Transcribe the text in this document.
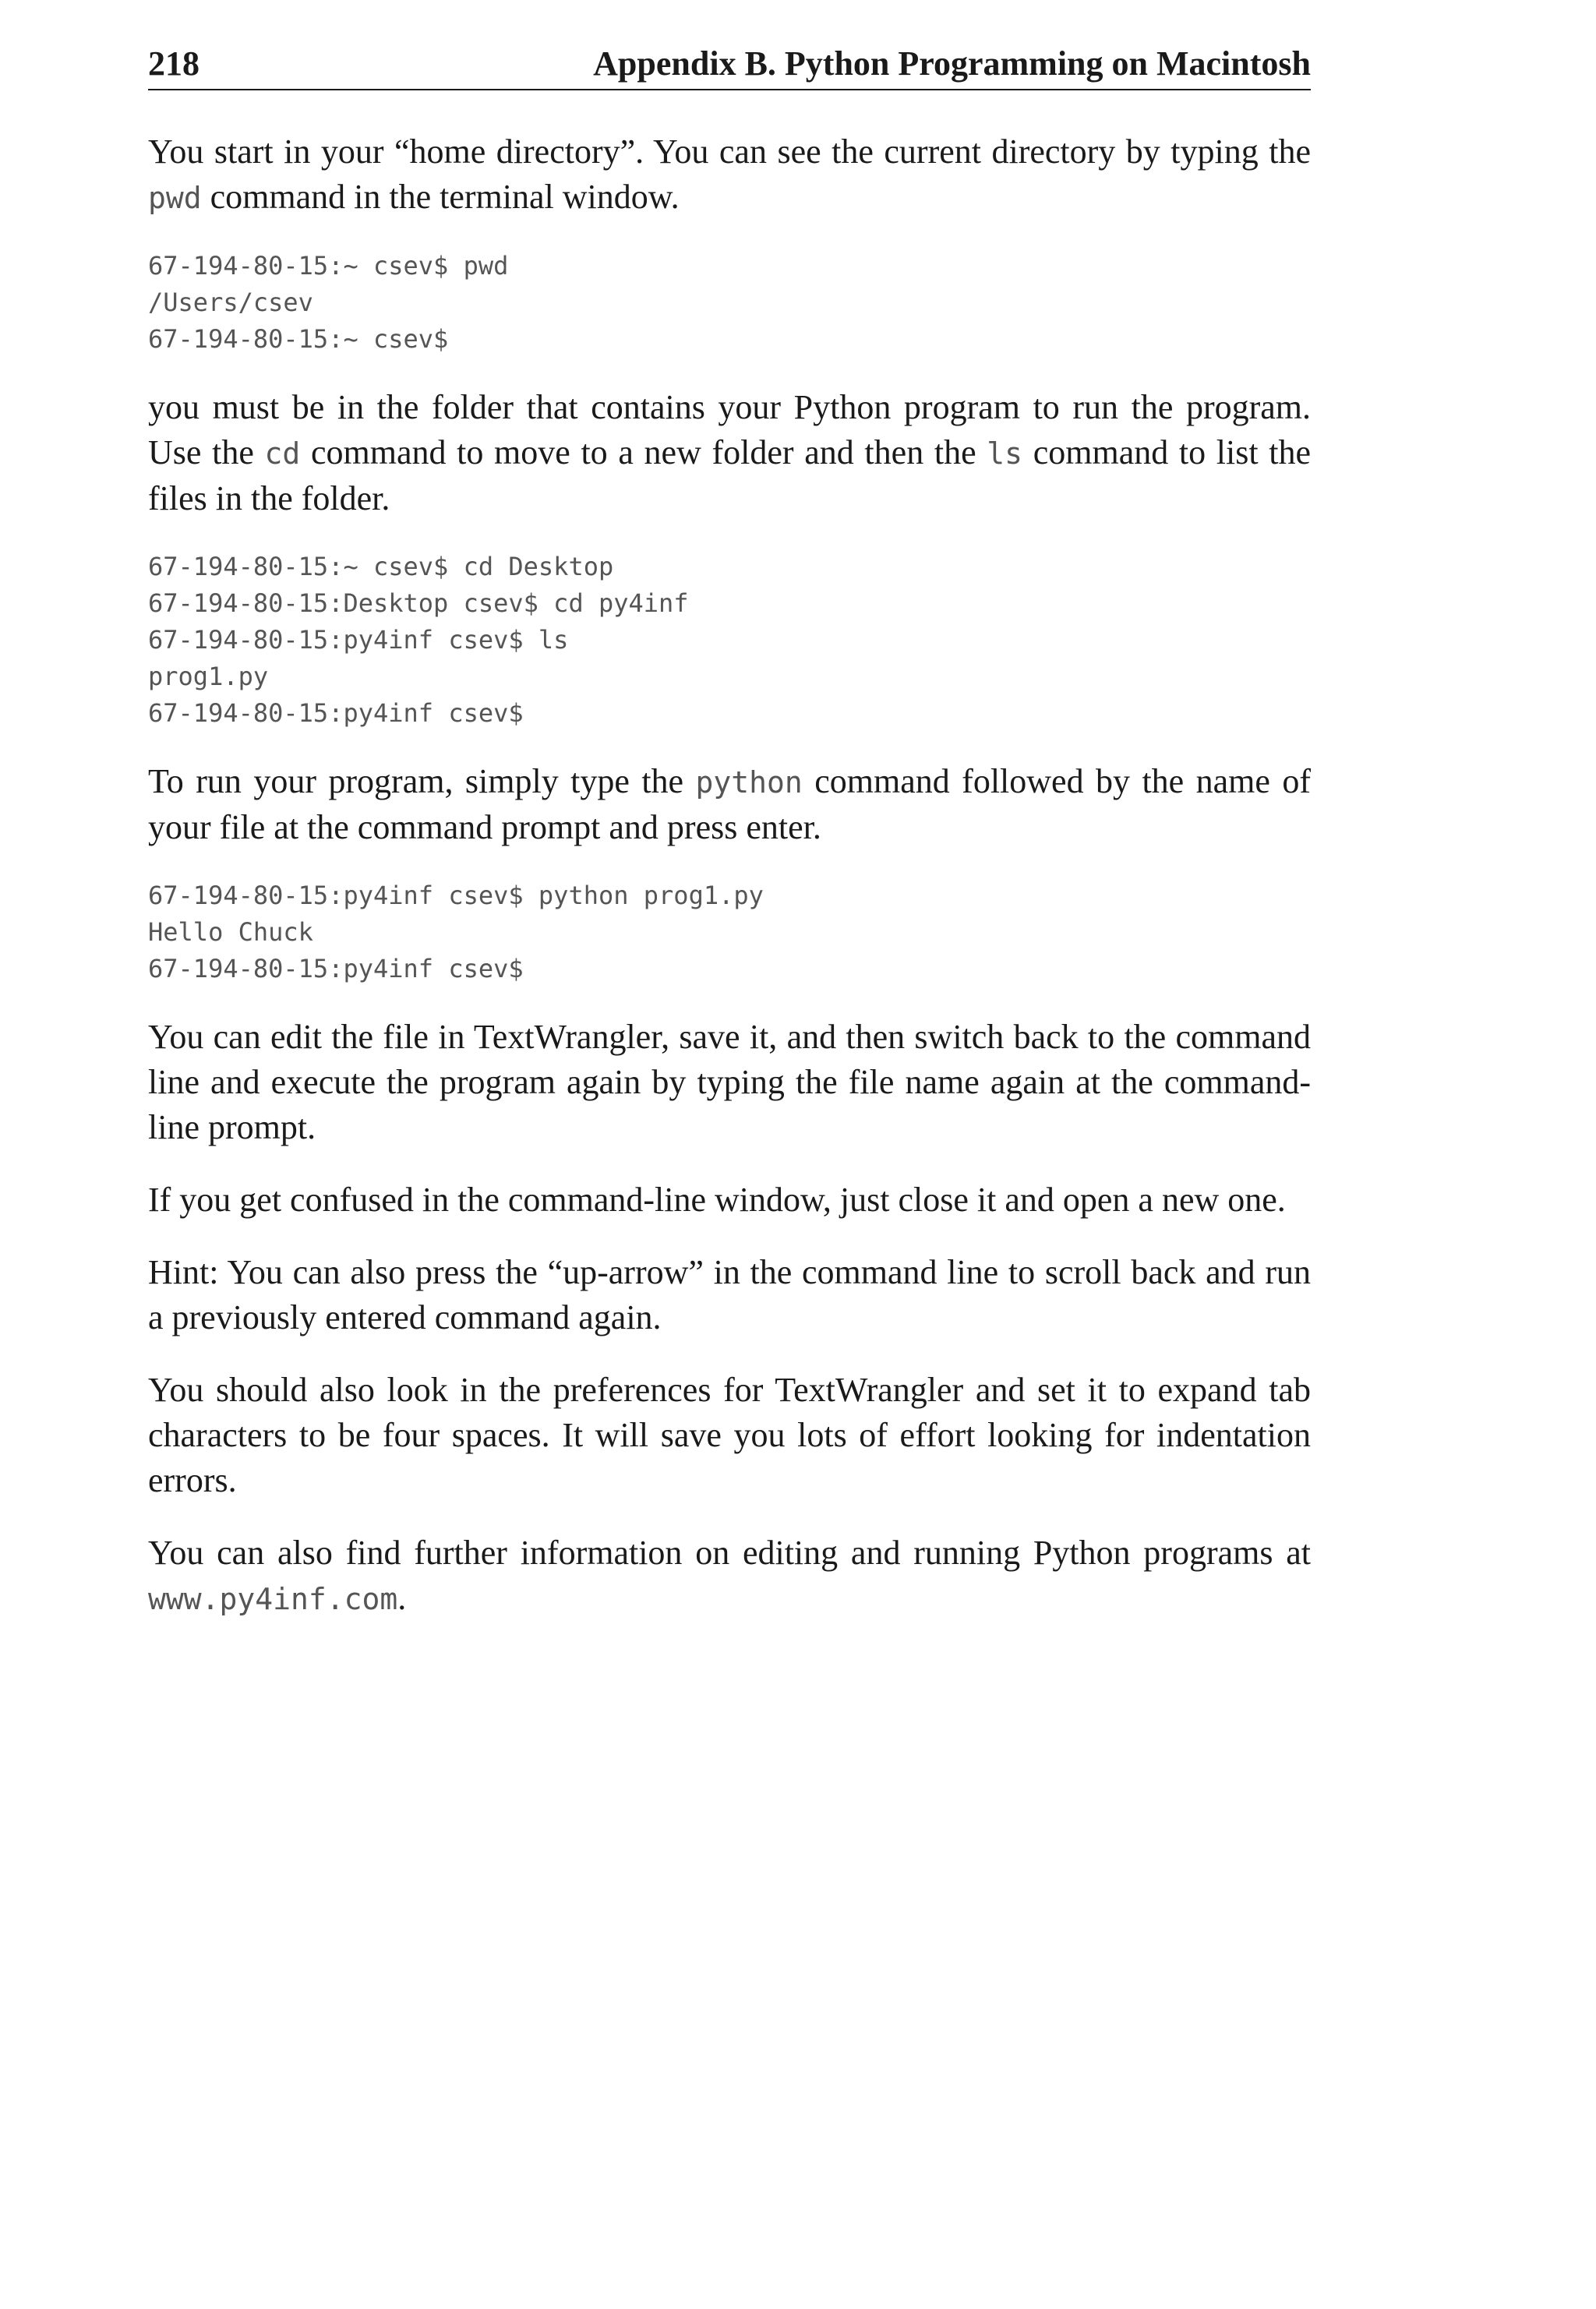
218	Appendix B. Python Programming on Macintosh

You start in your “home directory”. You can see the current directory by typing the pwd command in the terminal window.

67-194-80-15:~ csev$ pwd
/Users/csev
67-194-80-15:~ csev$

you must be in the folder that contains your Python program to run the program. Use the cd command to move to a new folder and then the ls command to list the files in the folder.

67-194-80-15:~ csev$ cd Desktop
67-194-80-15:Desktop csev$ cd py4inf
67-194-80-15:py4inf csev$ ls
prog1.py
67-194-80-15:py4inf csev$

To run your program, simply type the python command followed by the name of your file at the command prompt and press enter.

67-194-80-15:py4inf csev$ python prog1.py
Hello Chuck
67-194-80-15:py4inf csev$

You can edit the file in TextWrangler, save it, and then switch back to the command line and execute the program again by typing the file name again at the command-line prompt.

If you get confused in the command-line window, just close it and open a new one.

Hint: You can also press the “up-arrow” in the command line to scroll back and run a previously entered command again.

You should also look in the preferences for TextWrangler and set it to expand tab characters to be four spaces. It will save you lots of effort looking for indentation errors.

You can also find further information on editing and running Python programs at www.py4inf.com.
